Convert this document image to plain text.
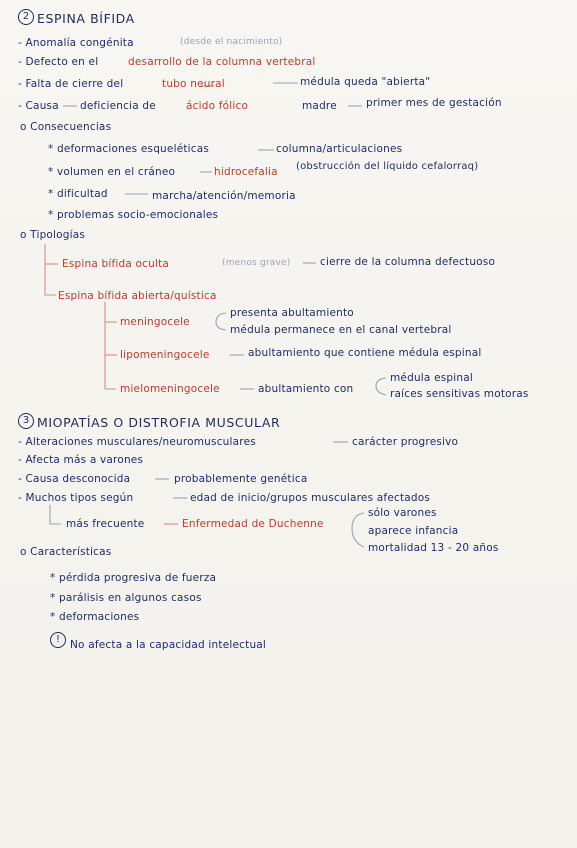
2 ESPINA BÍFIDA
- Anomalía congénita	(desde el nacimiento)
- Defecto en el	desarrollo de la columna vertebral
- Falta de cierre del	tubo neural	médula queda "abierta"
- Causa deficiencia de	ácido fólico	madre	primer mes de gestación
o Consecuencias
* deformaciones esqueléticas	columna/articulaciones
* volumen en el cráneo	hidrocefalia (obstrucción del líquido cefalorraq)
* dificultad	marcha/atención/memoria
* problemas socio-emocionales
o Tipologías
Espina bífida oculta	(menos grave)	cierre de la columna defectuoso
Espina bífida abierta/quística
meningocele
presenta abultamiento
médula permanece en el canal vertebral
lipomeningocele	abultamiento que contiene médula espinal
mielomeningocele	abultamiento con
médula espinal
raíces sensitivas motoras
3 MIOPATÍAS O DISTROFIA MUSCULAR
- Alteraciones musculares/neuromusculares	carácter progresivo
- Afecta más a varones
- Causa desconocida	probablemente genética
- Muchos tipos según	edad de inicio/grupos musculares afectados
más frecuente	Enfermedad de Duchenne
sólo varones
aparece infancia
mortalidad 13 - 20 años
o Características
* pérdida progresiva de fuerza
* parálisis en algunos casos
* deformaciones
! No afecta a la capacidad intelectual
